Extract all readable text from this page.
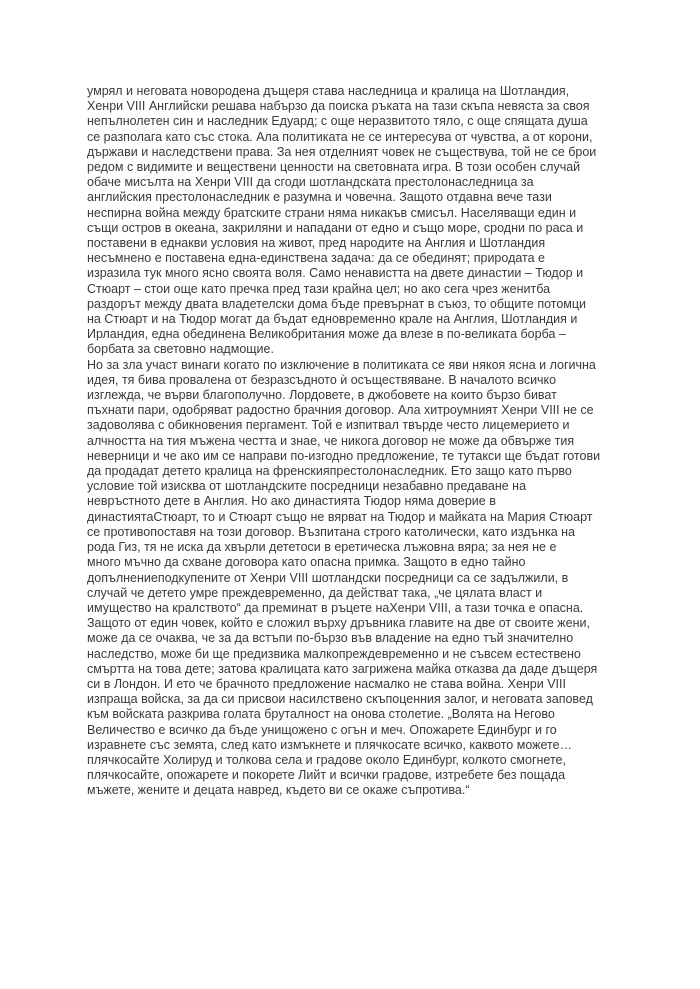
умрял и неговата новородена дъщеря става наследница и кралица на Шотландия,
Хенри VIII Английски решава набързо да поиска ръката на тази скъпа невяста за своя
непълнолетен син и наследник Едуард; с още неразвитото тяло, с още спящата душа
се разполага като със стока. Ала политиката не се интересува от чувства, а от корони,
държави и наследствени права. За нея отделният човек не съществува, той не се брои
редом с видимите и веществени ценности на световната игра. В този особен случай
обаче мисълта на Хенри VIII да сгоди шотландската престолонаследница за
английския престолонаследник е разумна и човечна. Защото отдавна вече тази
неспирна война между братските страни няма никакъв смисъл. Населяващи един и
същи остров в океана, закриляни и нападани от едно и също море, сродни по раса и
поставени в еднакви условия на живот, пред народите на Англия и Шотландия
несъмнено е поставена една-единствена задача: да се обединят; природата е
изразила тук много ясно своята воля. Само ненавистта на двете династии – Тюдор и
Стюарт – стои още като пречка пред тази крайна цел; но ако сега чрез женитба
раздорът между двата владетелски дома бъде превърнат в съюз, то общите потомци
на Стюарт и на Тюдор могат да бъдат едновременно крале на Англия, Шотландия и
Ирландия, една обединена Великобритания може да влезе в по-великата борба –
борбата за световно надмощие.
Но за зла участ винаги когато по изключение в политиката се яви някоя ясна и логична
идея, тя бива провалена от безразсъдното ѝ осъществяване. В началото всичко
изглежда, че върви благополучно. Лордовете, в джобовете на които бързо биват
пъхнати пари, одобряват радостно брачния договор. Ала хитроумният Хенри VIII не се
задоволява с обикновения пергамент. Той е изпитвал твърде често лицемерието и
алчността на тия мъжена честта и знае, че никога договор не може да обвърже тия
неверници и че ако им се направи по-изгодно предложение, те тутакси ще бъдат готови
да продадат детето кралица на френскияпрестолонаследник. Ето защо като първо
условие той изисква от шотландските посредници незабавно предаване на
невръстното дете в Англия. Но ако династията Тюдор няма доверие в
династиятаСтюарт, то и Стюарт също не вярват на Тюдор и майката на Мария Стюарт
се противопоставя на този договор. Възпитана строго католически, като издънка на
рода Гиз, тя не иска да хвърли дететоси в еретическа лъжовна вяра; за нея не е
много мъчно да схване договора като опасна примка. Защото в едно тайно
допълнениеподкупените от Хенри VIII шотландски посредници са се задължили, в
случай че детето умре преждевременно, да действат така, „че цялата власт и
имущество на кралството“ да преминат в ръцете наХенри VIII, а тази точка е опасна.
Защото от един човек, който е сложил върху дръвника главите на две от своите жени,
може да се очаква, че за да встъпи по-бързо във владение на едно тъй значително
наследство, може би ще предизвика малкопреждевременно и не съвсем естествено
смъртта на това дете; затова кралицата като загрижена майка отказва да даде дъщеря
си в Лондон. И ето че брачното предложение насмалко не става война. Хенри VIII
изпраща войска, за да си присвои насилствено скъпоценния залог, и неговата заповед
към войската разкрива голата бруталност на онова столетие. „Волята на Негово
Величество е всичко да бъде унищожено с огън и меч. Опожарете Единбург и го
изравнете със земята, след като измъкнете и плячкосате всичко, каквото можете…
плячкосайте Холируд и толкова села и градове около Единбург, колкото смогнете,
плячкосайте, опожарете и покорете Лийт и всички градове, изтребете без пощада
мъжете, жените и децата навред, където ви се окаже съпротива.“
